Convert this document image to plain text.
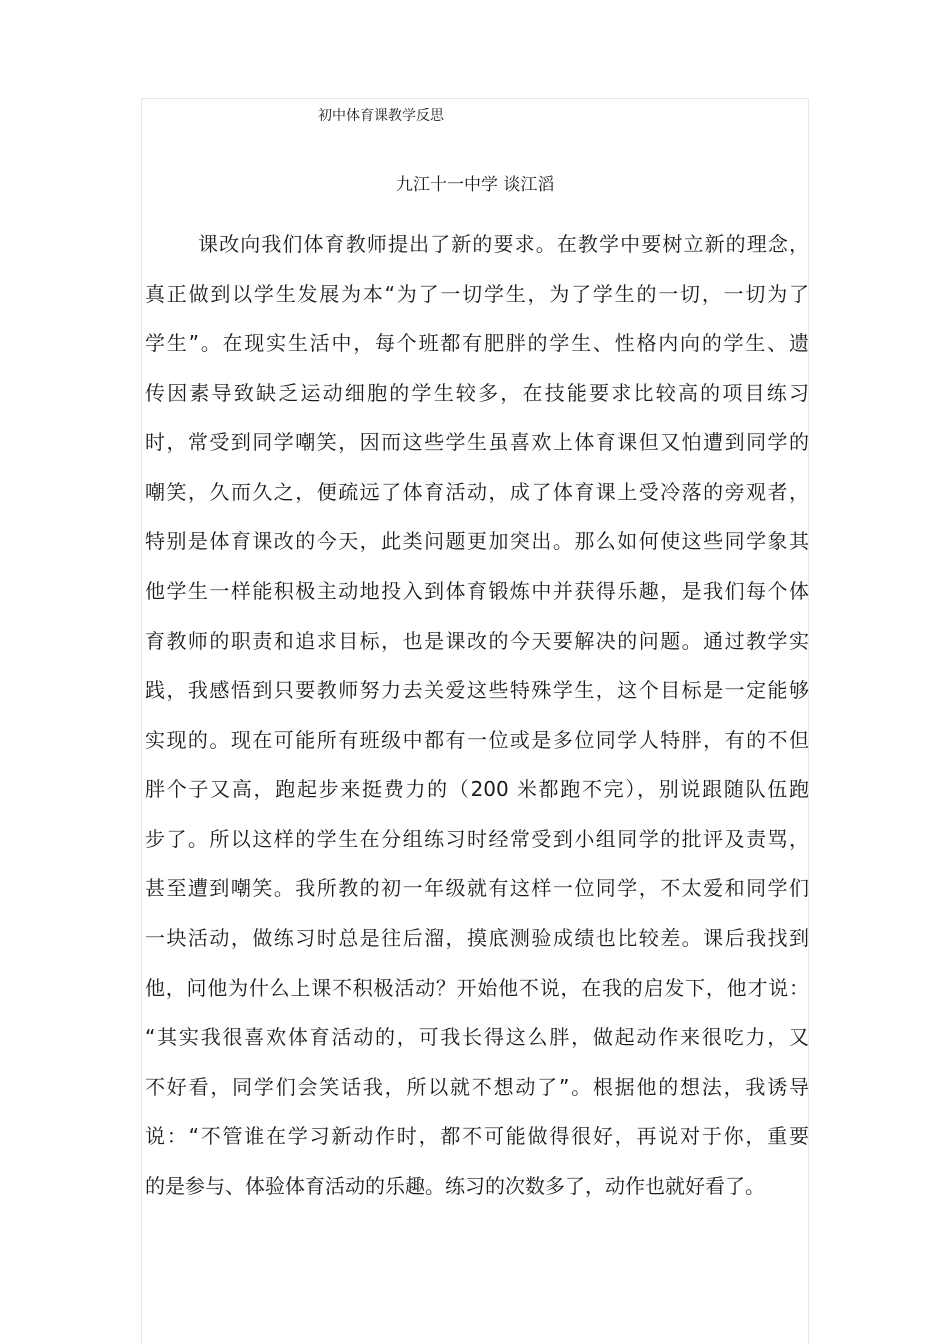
初中体育课教学反思
九江十一中学 谈江滔
课改向我们体育教师提出了新的要求。在教学中要树立新的理念，
真正做到以学生发展为本“为了一切学生，为了学生的一切，一切为了
学生”。在现实生活中，每个班都有肥胖的学生、性格内向的学生、遗
传因素导致缺乏运动细胞的学生较多，在技能要求比较高的项目练习
时，常受到同学嘲笑，因而这些学生虽喜欢上体育课但又怕遭到同学的
嘲笑，久而久之，便疏远了体育活动，成了体育课上受冷落的旁观者，
特别是体育课改的今天，此类问题更加突出。那么如何使这些同学象其
他学生一样能积极主动地投入到体育锻炼中并获得乐趣，是我们每个体
育教师的职责和追求目标，也是课改的今天要解决的问题。通过教学实
践，我感悟到只要教师努力去关爱这些特殊学生，这个目标是一定能够
实现的。现在可能所有班级中都有一位或是多位同学人特胖，有的不但
胖个子又高，跑起步来挺费力的（200 米都跑不完），别说跟随队伍跑
步了。所以这样的学生在分组练习时经常受到小组同学的批评及责骂，
甚至遭到嘲笑。我所教的初一年级就有这样一位同学，不太爱和同学们
一块活动，做练习时总是往后溜，摸底测验成绩也比较差。课后我找到
他，问他为什么上课不积极活动？开始他不说，在我的启发下，他才说：
“其实我很喜欢体育活动的，可我长得这么胖，做起动作来很吃力，又
不好看，同学们会笑话我，所以就不想动了”。根据他的想法，我诱导
说：“不管谁在学习新动作时，都不可能做得很好，再说对于你，重要
的是参与、体验体育活动的乐趣。练习的次数多了，动作也就好看了。
